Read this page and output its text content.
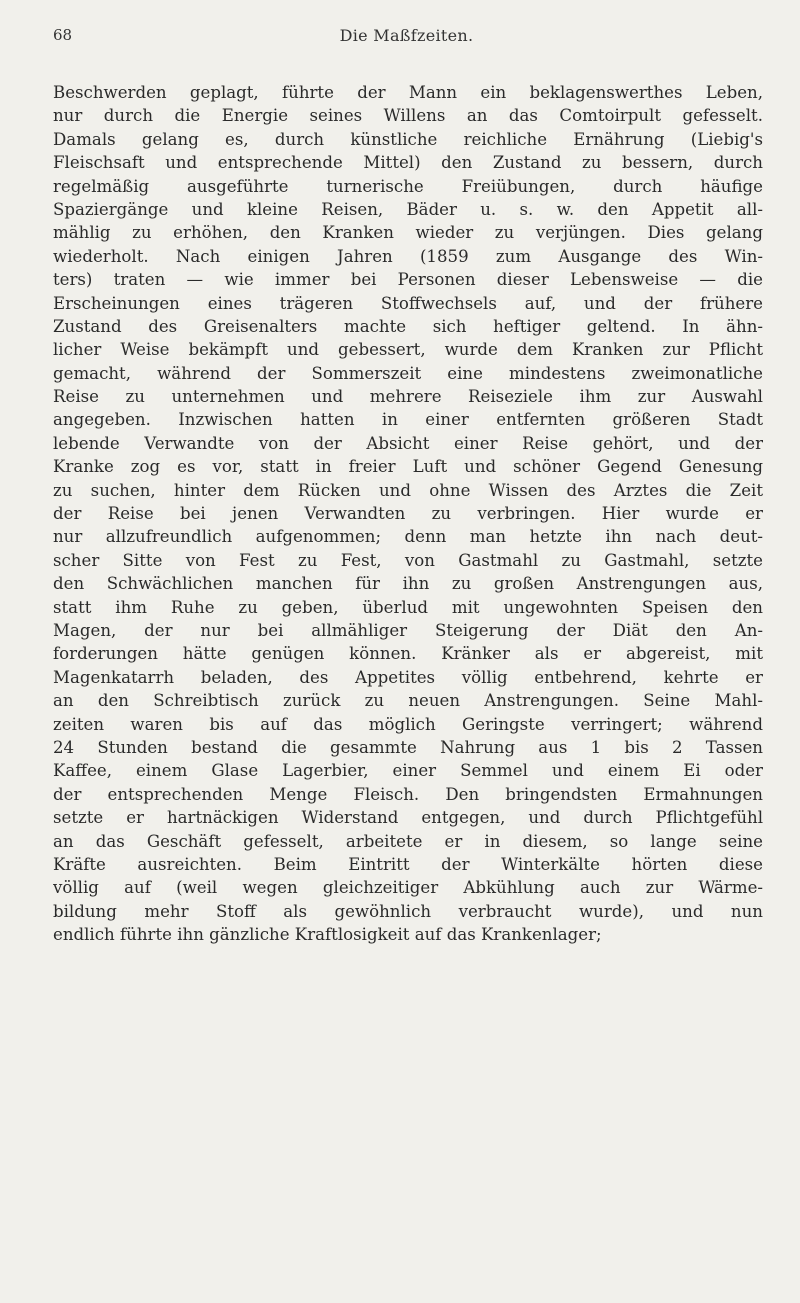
68	Die Maßfzeiten.
Beschwerden geplagt, führte der Mann ein beklagenswerthes Leben,
nur durch die Energie seines Willens an das Comtoirpult gefesselt.
Damals gelang es, durch künstliche reichliche Ernährung (Liebig's
Fleischsaft und entsprechende Mittel) den Zustand zu bessern, durch
regelmäßig ausgeführte turnerische Freiübungen, durch häufige
Spaziergänge und kleine Reisen, Bäder u. s. w. den Appetit all-
mählig zu erhöhen, den Kranken wieder zu verjüngen. Dies gelang
wiederholt. Nach einigen Jahren (1859 zum Ausgange des Win-
ters) traten — wie immer bei Personen dieser Lebensweise — die
Erscheinungen eines trägeren Stoffwechsels auf, und der frühere
Zustand des Greisenalters machte sich heftiger geltend. In ähn-
licher Weise bekämpft und gebessert, wurde dem Kranken zur Pflicht
gemacht, während der Sommerszeit eine mindestens zweimonatliche
Reise zu unternehmen und mehrere Reiseziele ihm zur Auswahl
angegeben. Inzwischen hatten in einer entfernten größeren Stadt
lebende Verwandte von der Absicht einer Reise gehört, und der
Kranke zog es vor, statt in freier Luft und schöner Gegend Genesung
zu suchen, hinter dem Rücken und ohne Wissen des Arztes die Zeit
der Reise bei jenen Verwandten zu verbringen. Hier wurde er
nur allzufreundlich aufgenommen; denn man hetzte ihn nach deut-
scher Sitte von Fest zu Fest, von Gastmahl zu Gastmahl, setzte
den Schwächlichen manchen für ihn zu großen Anstrengungen aus,
statt ihm Ruhe zu geben, überlud mit ungewohnten Speisen den
Magen, der nur bei allmähliger Steigerung der Diät den An-
forderungen hätte genügen können. Kränker als er abgereist, mit
Magenkatarrh beladen, des Appetites völlig entbehrend, kehrte er
an den Schreibtisch zurück zu neuen Anstrengungen. Seine Mahl-
zeiten waren bis auf das möglich Geringste verringert; während
24 Stunden bestand die gesammte Nahrung aus 1 bis 2 Tassen
Kaffee, einem Glase Lagerbier, einer Semmel und einem Ei oder
der entsprechenden Menge Fleisch. Den bringendsten Ermahnungen
setzte er hartnäckigen Widerstand entgegen, und durch Pflichtgefühl
an das Geschäft gefesselt, arbeitete er in diesem, so lange seine
Kräfte ausreichten. Beim Eintritt der Winterkälte hörten diese
völlig auf (weil wegen gleichzeitiger Abkühlung auch zur Wärme-
bildung mehr Stoff als gewöhnlich verbraucht wurde), und nun
endlich führte ihn gänzliche Kraftlosigkeit auf das Krankenlager;
